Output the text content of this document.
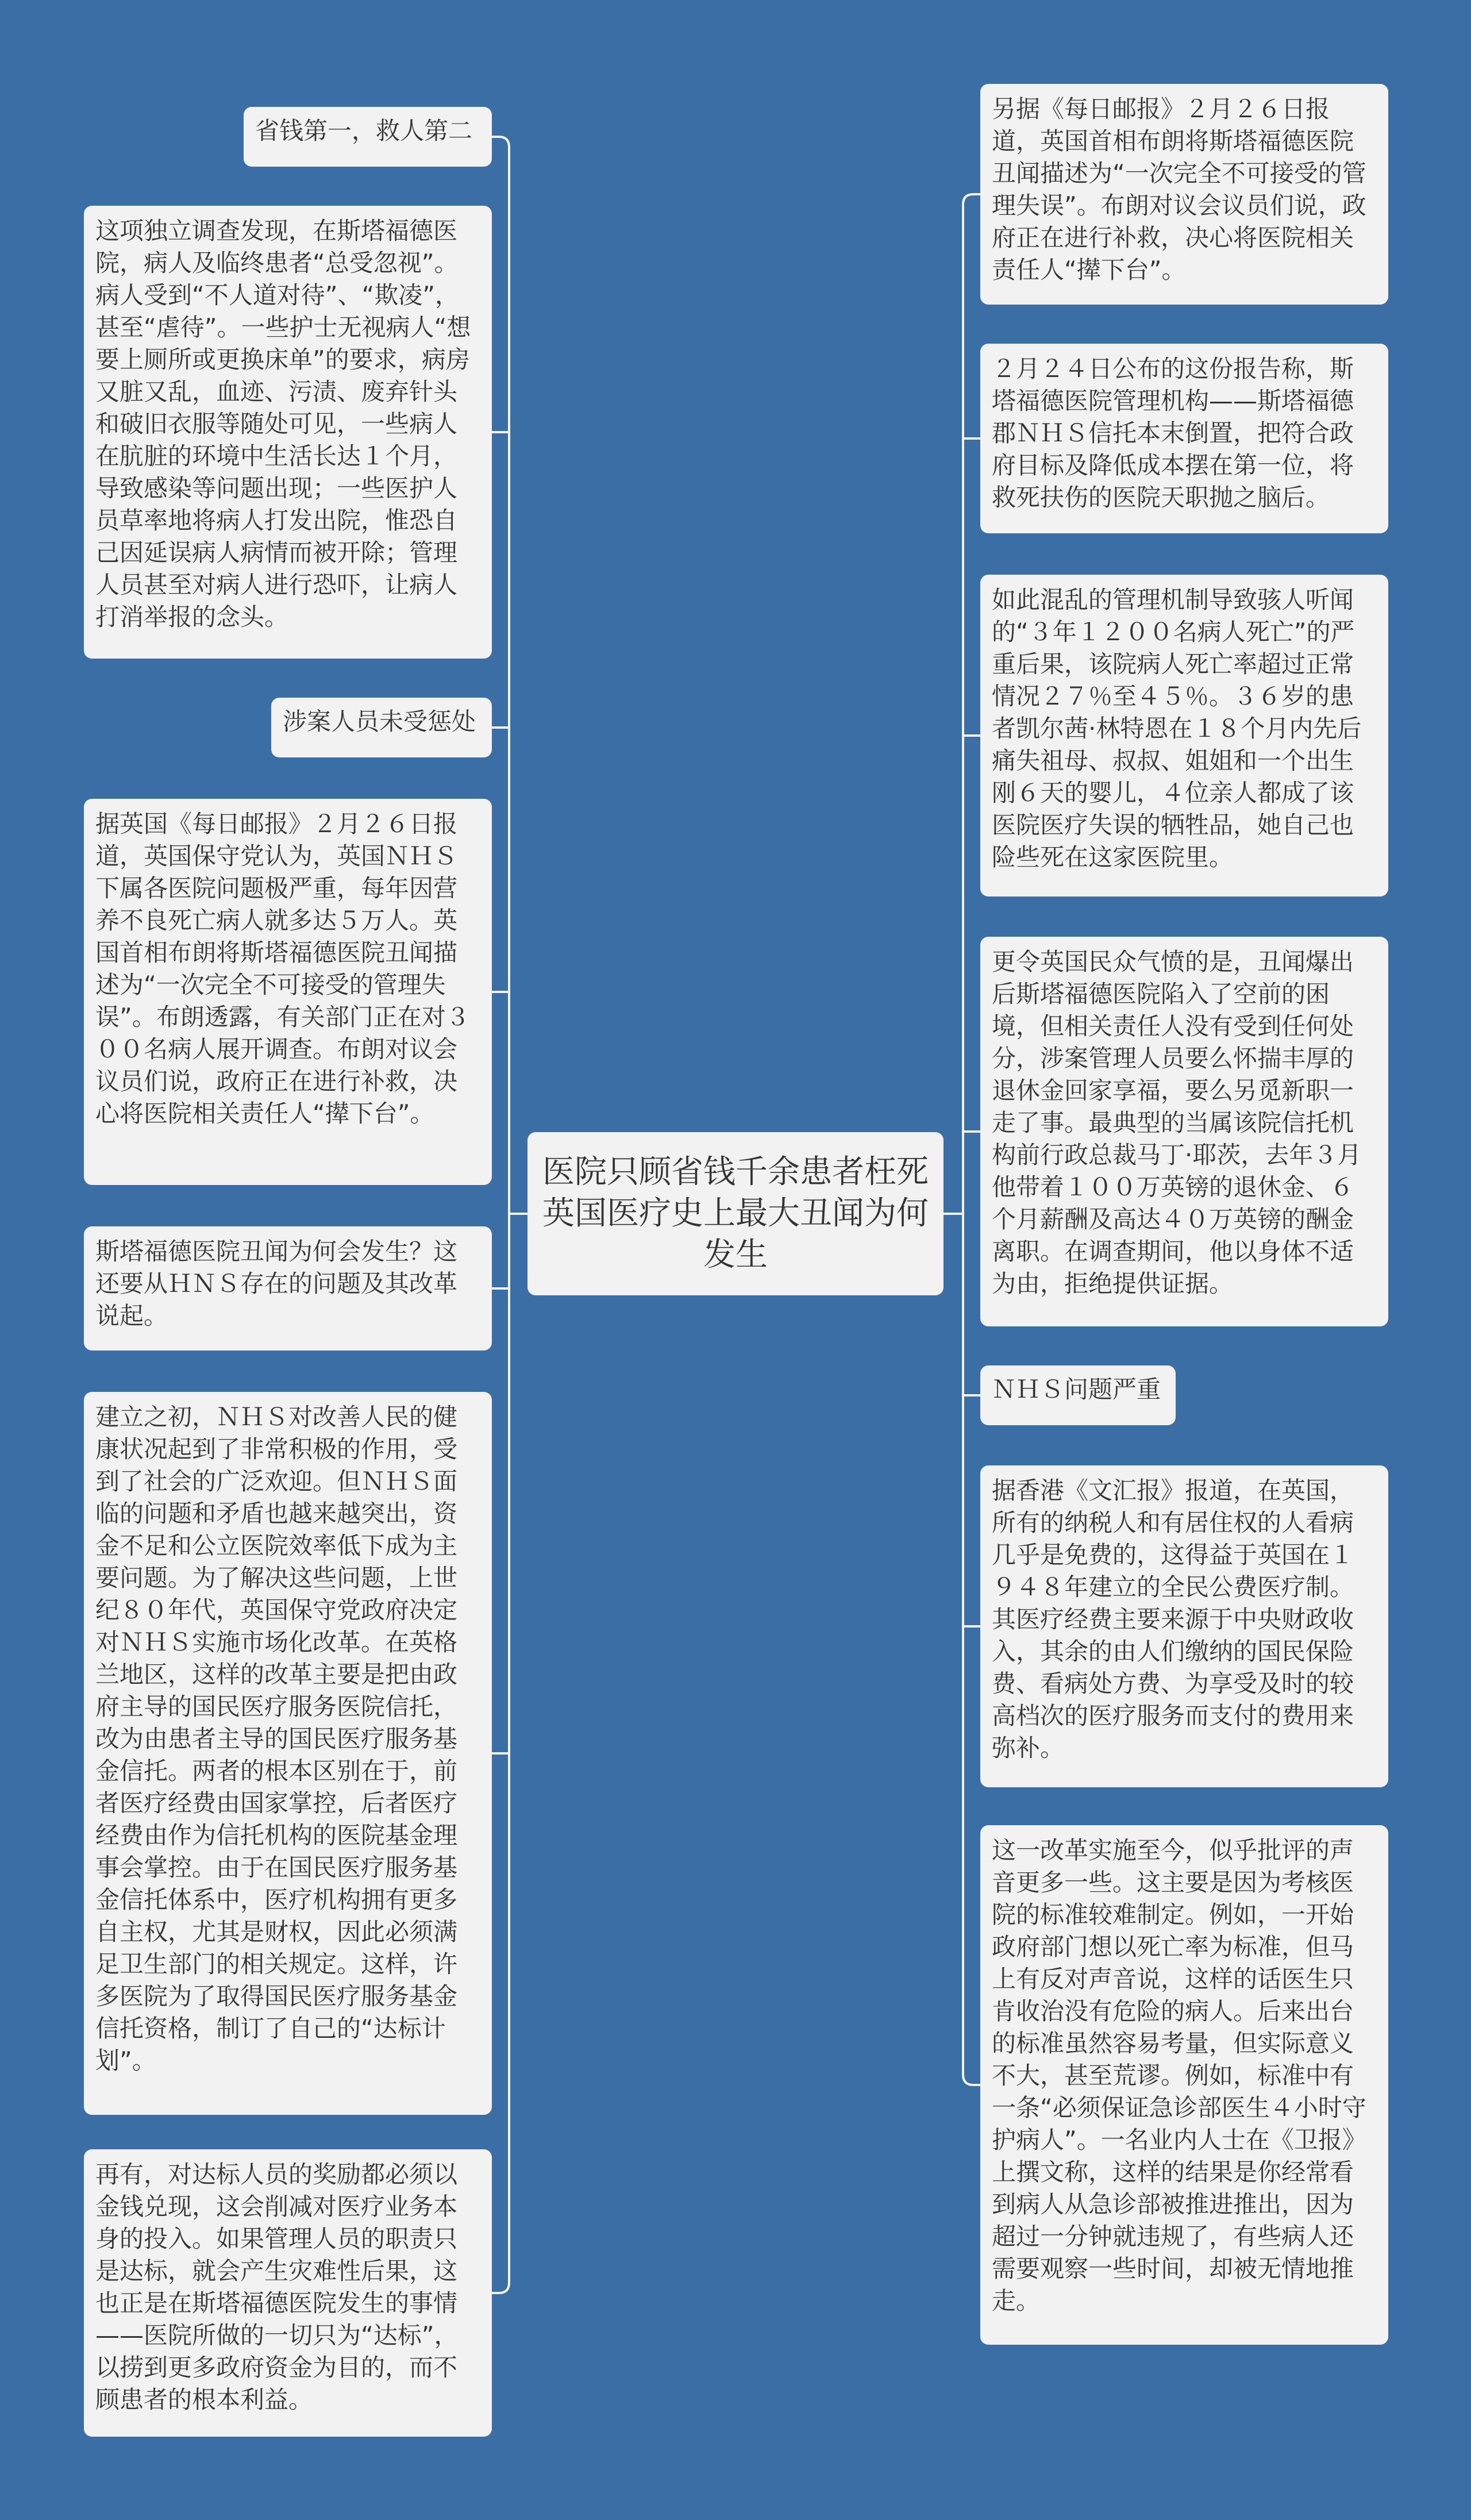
医院只顾省钱千余患者枉死英国医疗史上最大丑闻为何发生
省钱第一，救人第二
这项独立调查发现，在斯塔福德医院，病人及临终患者“总受忽视”。病人受到“不人道对待”、“欺凌”，甚至“虐待”。一些护士无视病人“想要上厕所或更换床单”的要求，病房又脏又乱，血迹、污渍、废弃针头和破旧衣服等随处可见，一些病人在肮脏的环境中生活长达１个月，导致感染等问题出现；一些医护人员草率地将病人打发出院，惟恐自己因延误病人病情而被开除；管理人员甚至对病人进行恐吓，让病人打消举报的念头。
涉案人员未受惩处
据英国《每日邮报》２月２６日报道，英国保守党认为，英国ＮＨＳ下属各医院问题极严重，每年因营养不良死亡病人就多达５万人。英国首相布朗将斯塔福德医院丑闻描述为“一次完全不可接受的管理失误”。布朗透露，有关部门正在对３００名病人展开调查。布朗对议会议员们说，政府正在进行补救，决心将医院相关责任人“撵下台”。
斯塔福德医院丑闻为何会发生？这还要从ＨＮＳ存在的问题及其改革说起。
建立之初，ＮＨＳ对改善人民的健康状况起到了非常积极的作用，受到了社会的广泛欢迎。但ＮＨＳ面临的问题和矛盾也越来越突出，资金不足和公立医院效率低下成为主要问题。为了解决这些问题，上世纪８０年代，英国保守党政府决定对ＮＨＳ实施市场化改革。在英格兰地区，这样的改革主要是把由政府主导的国民医疗服务医院信托，改为由患者主导的国民医疗服务基金信托。两者的根本区别在于，前者医疗经费由国家掌控，后者医疗经费由作为信托机构的医院基金理事会掌控。由于在国民医疗服务基金信托体系中，医疗机构拥有更多自主权，尤其是财权，因此必须满足卫生部门的相关规定。这样，许多医院为了取得国民医疗服务基金信托资格，制订了自己的“达标计划”。
再有，对达标人员的奖励都必须以金钱兑现，这会削减对医疗业务本身的投入。如果管理人员的职责只是达标，就会产生灾难性后果，这也正是在斯塔福德医院发生的事情——医院所做的一切只为“达标”，以捞到更多政府资金为目的，而不顾患者的根本利益。
另据《每日邮报》２月２６日报道，英国首相布朗将斯塔福德医院丑闻描述为“一次完全不可接受的管理失误”。布朗对议会议员们说，政府正在进行补救，决心将医院相关责任人“撵下台”。
２月２４日公布的这份报告称，斯塔福德医院管理机构——斯塔福德郡ＮＨＳ信托本末倒置，把符合政府目标及降低成本摆在第一位，将救死扶伤的医院天职抛之脑后。
如此混乱的管理机制导致骇人听闻的“３年１２００名病人死亡”的严重后果，该院病人死亡率超过正常情况２７％至４５％。３６岁的患者凯尔茜·林特恩在１８个月内先后痛失祖母、叔叔、姐姐和一个出生刚６天的婴儿，４位亲人都成了该医院医疗失误的牺牲品，她自己也险些死在这家医院里。
更令英国民众气愤的是，丑闻爆出后斯塔福德医院陷入了空前的困境，但相关责任人没有受到任何处分，涉案管理人员要么怀揣丰厚的退休金回家享福，要么另觅新职一走了事。最典型的当属该院信托机构前行政总裁马丁·耶茨，去年３月他带着１００万英镑的退休金、６个月薪酬及高达４０万英镑的酬金离职。在调查期间，他以身体不适为由，拒绝提供证据。
ＮＨＳ问题严重
据香港《文汇报》报道，在英国，所有的纳税人和有居住权的人看病几乎是免费的，这得益于英国在１９４８年建立的全民公费医疗制。其医疗经费主要来源于中央财政收入，其余的由人们缴纳的国民保险费、看病处方费、为享受及时的较高档次的医疗服务而支付的费用来弥补。
这一改革实施至今，似乎批评的声音更多一些。这主要是因为考核医院的标准较难制定。例如，一开始政府部门想以死亡率为标准，但马上有反对声音说，这样的话医生只肯收治没有危险的病人。后来出台的标准虽然容易考量，但实际意义不大，甚至荒谬。例如，标准中有一条“必须保证急诊部医生４小时守护病人”。一名业内人士在《卫报》上撰文称，这样的结果是你经常看到病人从急诊部被推进推出，因为超过一分钟就违规了，有些病人还需要观察一些时间，却被无情地推走。
